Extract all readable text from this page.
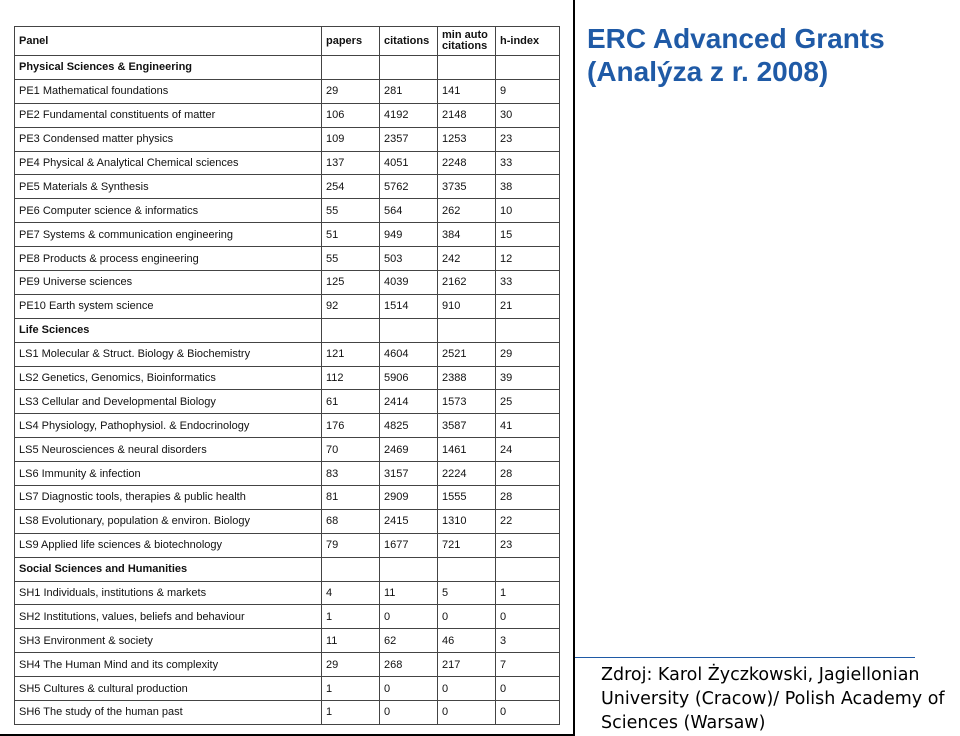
Panel	papers	citations	min auto citations	h-index
Physical Sciences & Engineering				
PE1 Mathematical foundations	29	281	141	9
PE2 Fundamental constituents of matter	106	4192	2148	30
PE3 Condensed matter physics	109	2357	1253	23
PE4 Physical & Analytical Chemical sciences	137	4051	2248	33
PE5 Materials & Synthesis	254	5762	3735	38
PE6 Computer science & informatics	55	564	262	10
PE7 Systems & communication engineering	51	949	384	15
PE8 Products & process engineering	55	503	242	12
PE9 Universe sciences	125	4039	2162	33
PE10 Earth system science	92	1514	910	21
Life Sciences				
LS1 Molecular & Struct. Biology & Biochemistry	121	4604	2521	29
LS2 Genetics, Genomics, Bioinformatics	112	5906	2388	39
LS3 Cellular and Developmental Biology	61	2414	1573	25
LS4 Physiology, Pathophysiol. & Endocrinology	176	4825	3587	41
LS5 Neurosciences & neural disorders	70	2469	1461	24
LS6 Immunity & infection	83	3157	2224	28
LS7 Diagnostic tools, therapies & public health	81	2909	1555	28
LS8 Evolutionary, population & environ. Biology	68	2415	1310	22
LS9 Applied life sciences & biotechnology	79	1677	721	23
Social Sciences and Humanities				
SH1 Individuals, institutions & markets	4	11	5	1
SH2 Institutions, values, beliefs and behaviour	1	0	0	0
SH3 Environment & society	11	62	46	3
SH4 The Human Mind and its complexity	29	268	217	7
SH5 Cultures & cultural production	1	0	0	0
SH6 The study of the human past	1	0	0	0
ERC Advanced Grants (Analýza z r. 2008)

Zdroj: Karol Życzkowski, Jagiellonian University (Cracow)/ Polish Academy of Sciences (Warsaw)
